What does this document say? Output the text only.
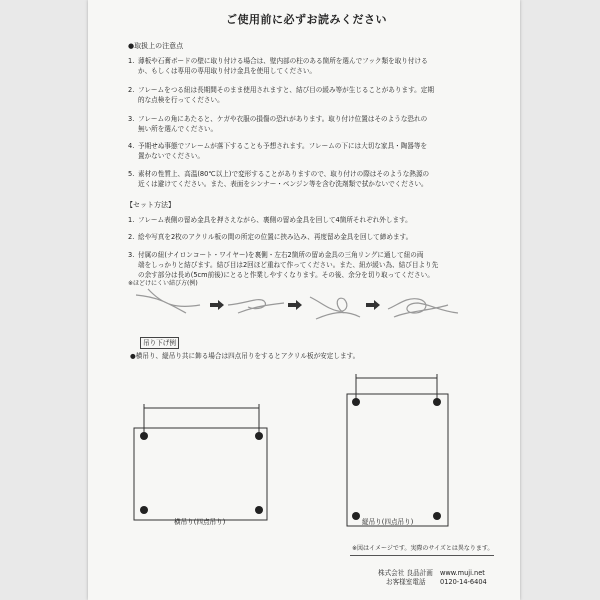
ご使用前に必ずお読みください
●取扱上の注意点
1. 薄板や石膏ボードの壁に取り付ける場合は、壁内部の柱のある箇所を選んでフック類を取り付ける
か、もしくは専用の専用取り付け金具を使用してください。
2. フレームをつる紐は長期間そのまま使用されますと、結び目の緩み等が生じることがあります。定期
的な点検を行ってください。
3. フレームの角にあたると、ケガや衣服の損傷の恐れがあります。取り付け位置はそのような恐れの
無い所を選んでください。
4. 予期せぬ事態でフレームが落下することも予想されます。フレームの下には大切な家具・陶器等を
置かないでください。
5. 素材の性質上、高温(80℃以上)で変形することがありますので、取り付けの際はそのような熱源の
近くは避けてください。また、表面をシンナー・ベンジン等を含む洗剤類で拭かないでください。
【セット方法】
1. フレーム表側の留め金具を押さえながら、裏側の留め金具を回して4箇所それぞれ外します。
2. 絵や写真を2枚のアクリル板の間の所定の位置に挟み込み、再度留め金具を回して締めます。
3. 付属の紐(ナイロンコート・ワイヤー)を裏側・左右2箇所の留め金具の三角リングに通して紐の両
端をしっかりと結びます。結び目は2回ほど重ねて作ってください。また、紐が緩い為、結び目より先
の余す部分は長め(5cm前後)にとると作業しやすくなります。その後、余分を切り取ってください。
※ほどけにくい結び方(例)
吊り下げ例
●横吊り、縦吊り共に飾る場合は四点吊りをするとアクリル板が安定します。
横吊り(四点吊り)	縦吊り(四点吊り)
※図はイメージです。実際のサイズとは異なります。
株式会社 良品計画 www.muji.net
お客様室電話 0120-14-6404
